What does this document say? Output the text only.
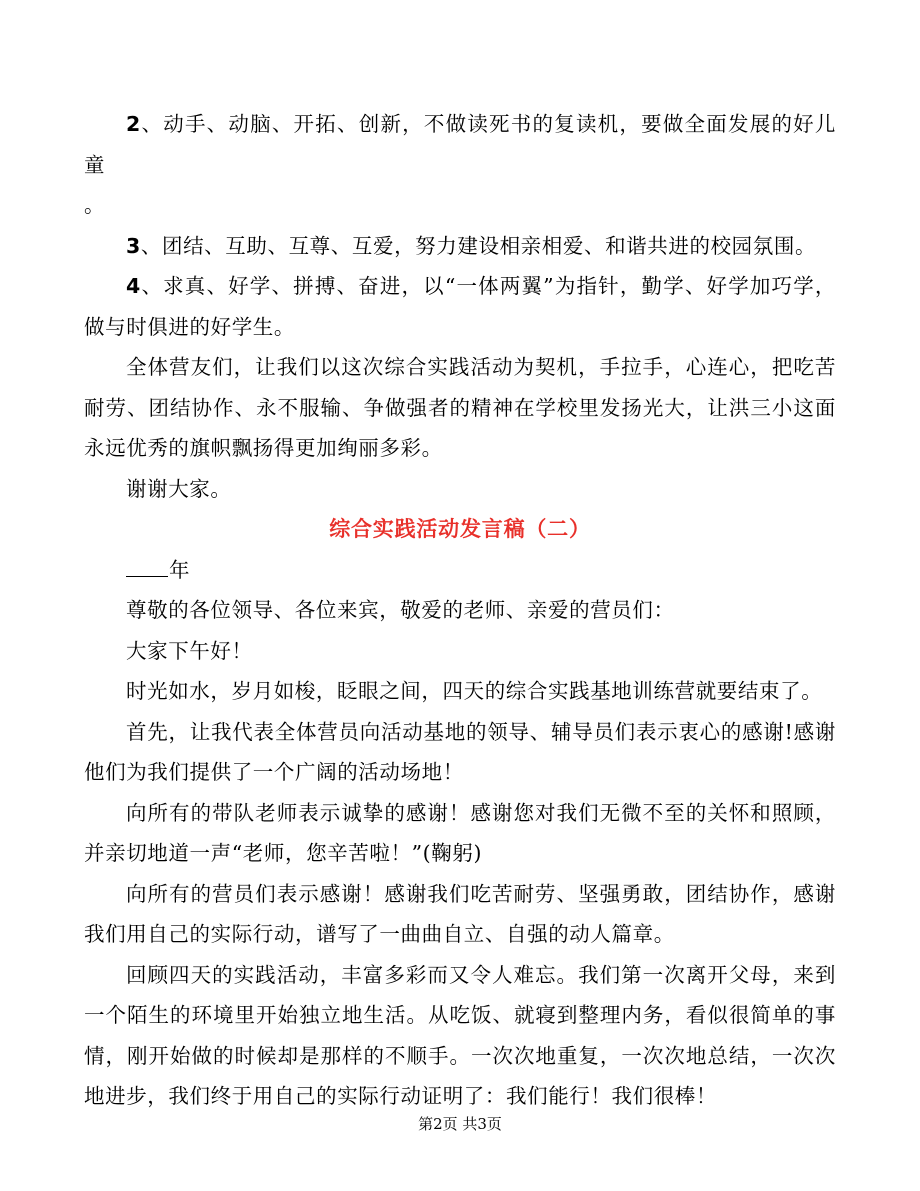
2、动手、动脑、开拓、创新，不做读死书的复读机，要做全面发展的好儿童

。

3、团结、互助、互尊、互爱，努力建设相亲相爱、和谐共进的校园氛围。

4、求真、好学、拼搏、奋进，以“一体两翼”为指针，勤学、好学加巧学，做与时俱进的好学生。

全体营友们，让我们以这次综合实践活动为契机，手拉手，心连心，把吃苦耐劳、团结协作、永不服输、争做强者的精神在学校里发扬光大，让洪三小这面永远优秀的旗帜飘扬得更加绚丽多彩。

谢谢大家。

综合实践活动发言稿（二）

年

尊敬的各位领导、各位来宾，敬爱的老师、亲爱的营员们：

大家下午好！

时光如水，岁月如梭，眨眼之间，四天的综合实践基地训练营就要结束了。

首先，让我代表全体营员向活动基地的领导、辅导员们表示衷心的感谢!感谢他们为我们提供了一个广阔的活动场地！

向所有的带队老师表示诚挚的感谢！感谢您对我们无微不至的关怀和照顾，并亲切地道一声“老师，您辛苦啦！”(鞠躬)

向所有的营员们表示感谢！感谢我们吃苦耐劳、坚强勇敢，团结协作，感谢我们用自己的实际行动，谱写了一曲曲自立、自强的动人篇章。

回顾四天的实践活动，丰富多彩而又令人难忘。我们第一次离开父母，来到一个陌生的环境里开始独立地生活。从吃饭、就寝到整理内务，看似很简单的事情，刚开始做的时候却是那样的不顺手。一次次地重复，一次次地总结，一次次地进步，我们终于用自己的实际行动证明了：我们能行！我们很棒！

第2页 共3页
